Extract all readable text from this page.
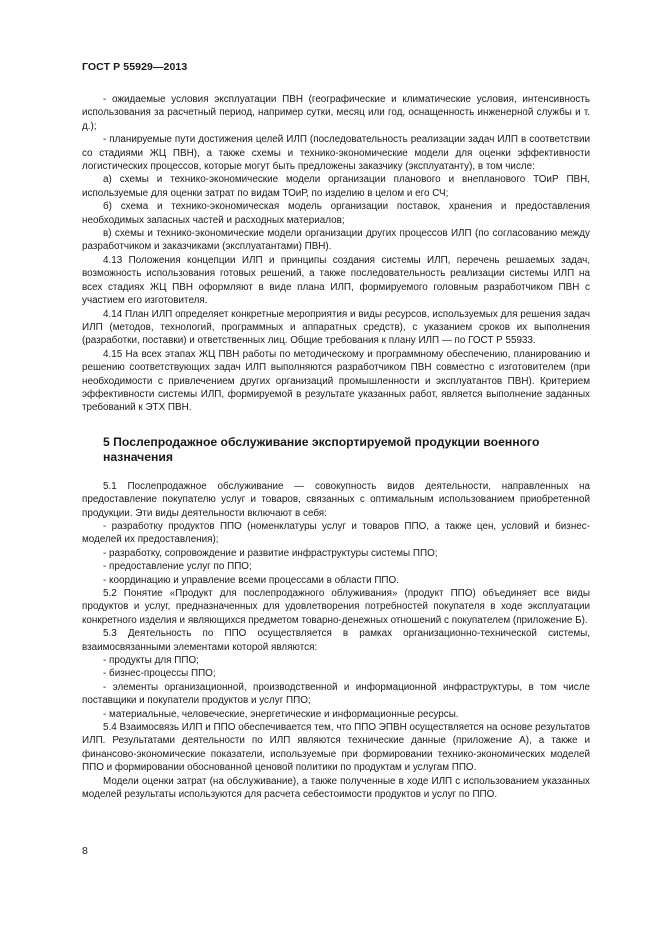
ГОСТ Р 55929—2013

- ожидаемые условия эксплуатации ПВН (географические и климатические условия, интенсивность использования за расчетный период, например сутки, месяц или год, оснащенность инженерной службы и т. д.);

- планируемые пути достижения целей ИЛП (последовательность реализации задач ИЛП в соответствии со стадиями ЖЦ ПВН), а также схемы и технико-экономические модели для оценки эффективности логистических процессов, которые могут быть предложены заказчику (эксплуатанту), в том числе:

а) схемы и технико-экономические модели организации планового и внепланового ТОиР ПВН, используемые для оценки затрат по видам ТОиР, по изделию в целом и его СЧ;

б) схема и технико-экономическая модель организации поставок, хранения и предоставления необходимых запасных частей и расходных материалов;

в) схемы и технико-экономические модели организации других процессов ИЛП (по согласованию между разработчиком и заказчиками (эксплуатантами) ПВН).

4.13 Положения концепции ИЛП и принципы создания системы ИЛП, перечень решаемых задач, возможность использования готовых решений, а также последовательность реализации системы ИЛП на всех стадиях ЖЦ ПВН оформляют в виде плана ИЛП, формируемого головным разработчиком ПВН с участием его изготовителя.

4.14 План ИЛП определяет конкретные мероприятия и виды ресурсов, используемых для решения задач ИЛП (методов, технологий, программных и аппаратных средств), с указанием сроков их выполнения (разработки, поставки) и ответственных лиц. Общие требования к плану ИЛП — по ГОСТ Р 55933.

4.15 На всех этапах ЖЦ ПВН работы по методическому и программному обеспечению, планированию и решению соответствующих задач ИЛП выполняются разработчиком ПВН совместно с изготовителем (при необходимости с привлечением других организаций промышленности и эксплуатантов ПВН). Критерием эффективности системы ИЛП, формируемой в результате указанных работ, является выполнение заданных требований к ЭТХ ПВН.

5 Послепродажное обслуживание экспортируемой продукции военного назначения

5.1 Послепродажное обслуживание — совокупность видов деятельности, направленных на предоставление покупателю услуг и товаров, связанных с оптимальным использованием приобретенной продукции. Эти виды деятельности включают в себя:

- разработку продуктов ППО (номенклатуры услуг и товаров ППО, а также цен, условий и бизнес-моделей их предоставления);

- разработку, сопровождение и развитие инфраструктуры системы ППО;

- предоставление услуг по ППО;

- координацию и управление всеми процессами в области ППО.

5.2 Понятие «Продукт для послепродажного облуживания» (продукт ППО) объединяет все виды продуктов и услуг, предназначенных для удовлетворения потребностей покупателя в ходе эксплуатации конкретного изделия и являющихся предметом товарно-денежных отношений с покупателем (приложение Б).

5.3 Деятельность по ППО осуществляется в рамках организационно-технической системы, взаимосвязанными элементами которой являются:

- продукты для ППО;

- бизнес-процессы ППО;

- элементы организационной, производственной и информационной инфраструктуры, в том числе поставщики и покупатели продуктов и услуг ППО;

- материальные, человеческие, энергетические и информационные ресурсы.

5.4 Взаимосвязь ИЛП и ППО обеспечивается тем, что ППО ЭПВН осуществляется на основе результатов ИЛП. Результатами деятельности по ИЛП являются технические данные (приложение А), а также и финансово-экономические показатели, используемые при формировании технико-экономических моделей ППО и формировании обоснованной ценовой политики по продуктам и услугам ППО.

Модели оценки затрат (на обслуживание), а также полученные в ходе ИЛП с использованием указанных моделей результаты используются для расчета себестоимости продуктов и услуг по ППО.

8
